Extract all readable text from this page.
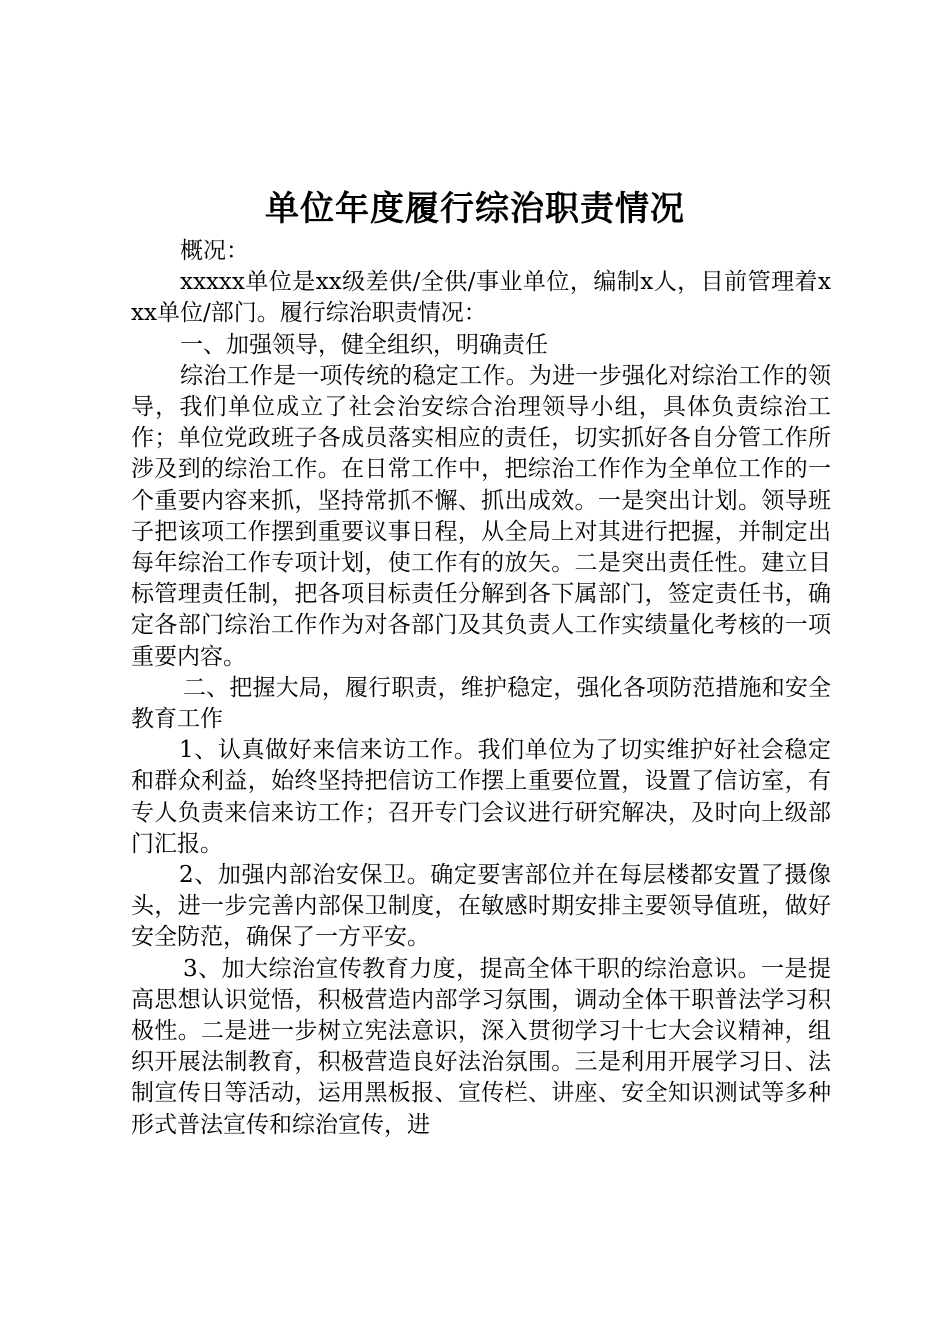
单位年度履行综治职责情况

概况：

xxxxx单位是xx级差供/全供/事业单位，编制x人，目前管理着xxx单位/部门。履行综治职责情况：

一、加强领导，健全组织，明确责任

综治工作是一项传统的稳定工作。为进一步强化对综治工作的领导，我们单位成立了社会治安综合治理领导小组，具体负责综治工作；单位党政班子各成员落实相应的责任，切实抓好各自分管工作所涉及到的综治工作。在日常工作中，把综治工作作为全单位工作的一个重要内容来抓，坚持常抓不懈、抓出成效。一是突出计划。领导班子把该项工作摆到重要议事日程，从全局上对其进行把握，并制定出每年综治工作专项计划，使工作有的放矢。二是突出责任性。建立目标管理责任制，把各项目标责任分解到各下属部门，签定责任书，确定各部门综治工作作为对各部门及其负责人工作实绩量化考核的一项重要内容。

二、把握大局，履行职责，维护稳定，强化各项防范措施和安全教育工作

1、认真做好来信来访工作。我们单位为了切实维护好社会稳定和群众利益，始终坚持把信访工作摆上重要位置，设置了信访室，有专人负责来信来访工作；召开专门会议进行研究解决，及时向上级部门汇报。

2、加强内部治安保卫。确定要害部位并在每层楼都安置了摄像头，进一步完善内部保卫制度，在敏感时期安排主要领导值班，做好安全防范，确保了一方平安。

3、加大综治宣传教育力度，提高全体干职的综治意识。一是提高思想认识觉悟，积极营造内部学习氛围，调动全体干职普法学习积极性。二是进一步树立宪法意识，深入贯彻学习十七大会议精神，组织开展法制教育，积极营造良好法治氛围。三是利用开展学习日、法制宣传日等活动，运用黑板报、宣传栏、讲座、安全知识测试等多种形式普法宣传和综治宣传，进
